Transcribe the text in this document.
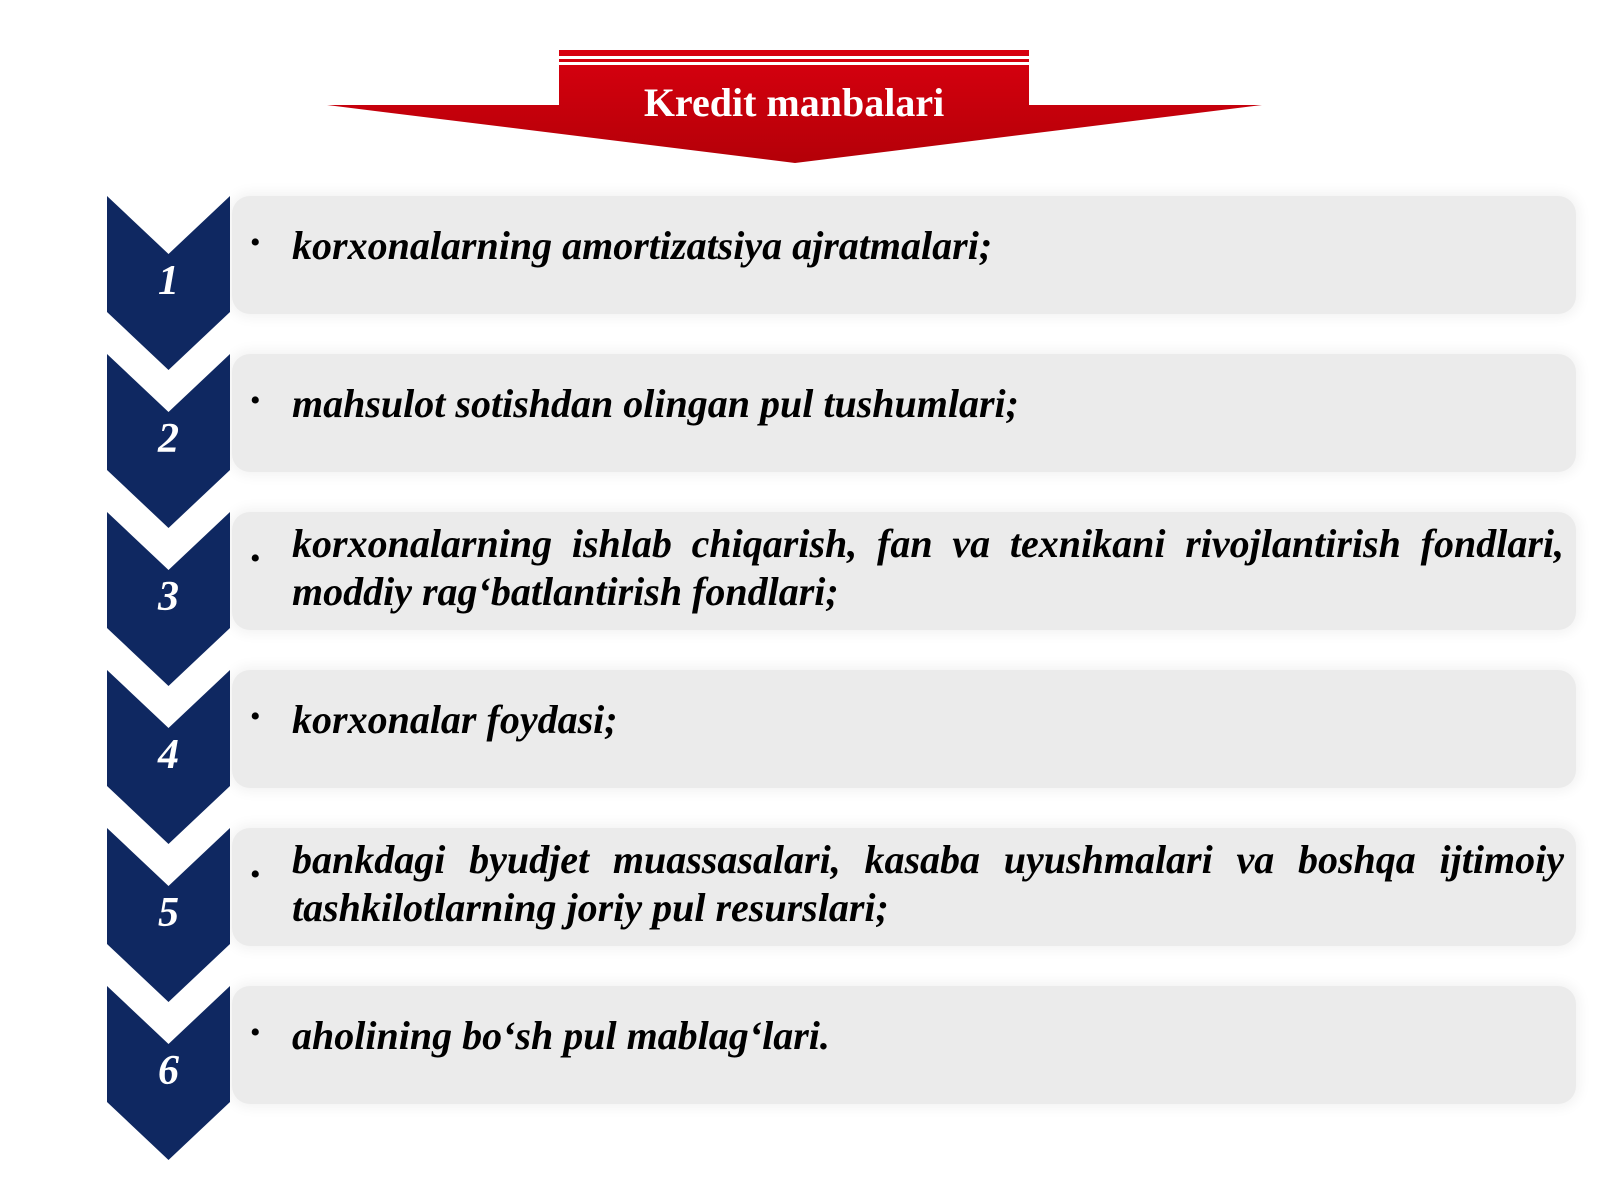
Kredit manbalari
1
• korxonalarning amortizatsiya ajratmalari;
2
• mahsulot sotishdan olingan pul tushumlari;
3
• korxonalarning ishlab chiqarish, fan va texnikani rivojlantirish fondlari, moddiy rag‘batlantirish fondlari;
4
• korxonalar foydasi;
5
• bankdagi byudjet muassasalari, kasaba uyushmalari va boshqa ijtimoiy tashkilotlarning joriy pul resurslari;
6
• aholining bo‘sh pul mablag‘lari.
